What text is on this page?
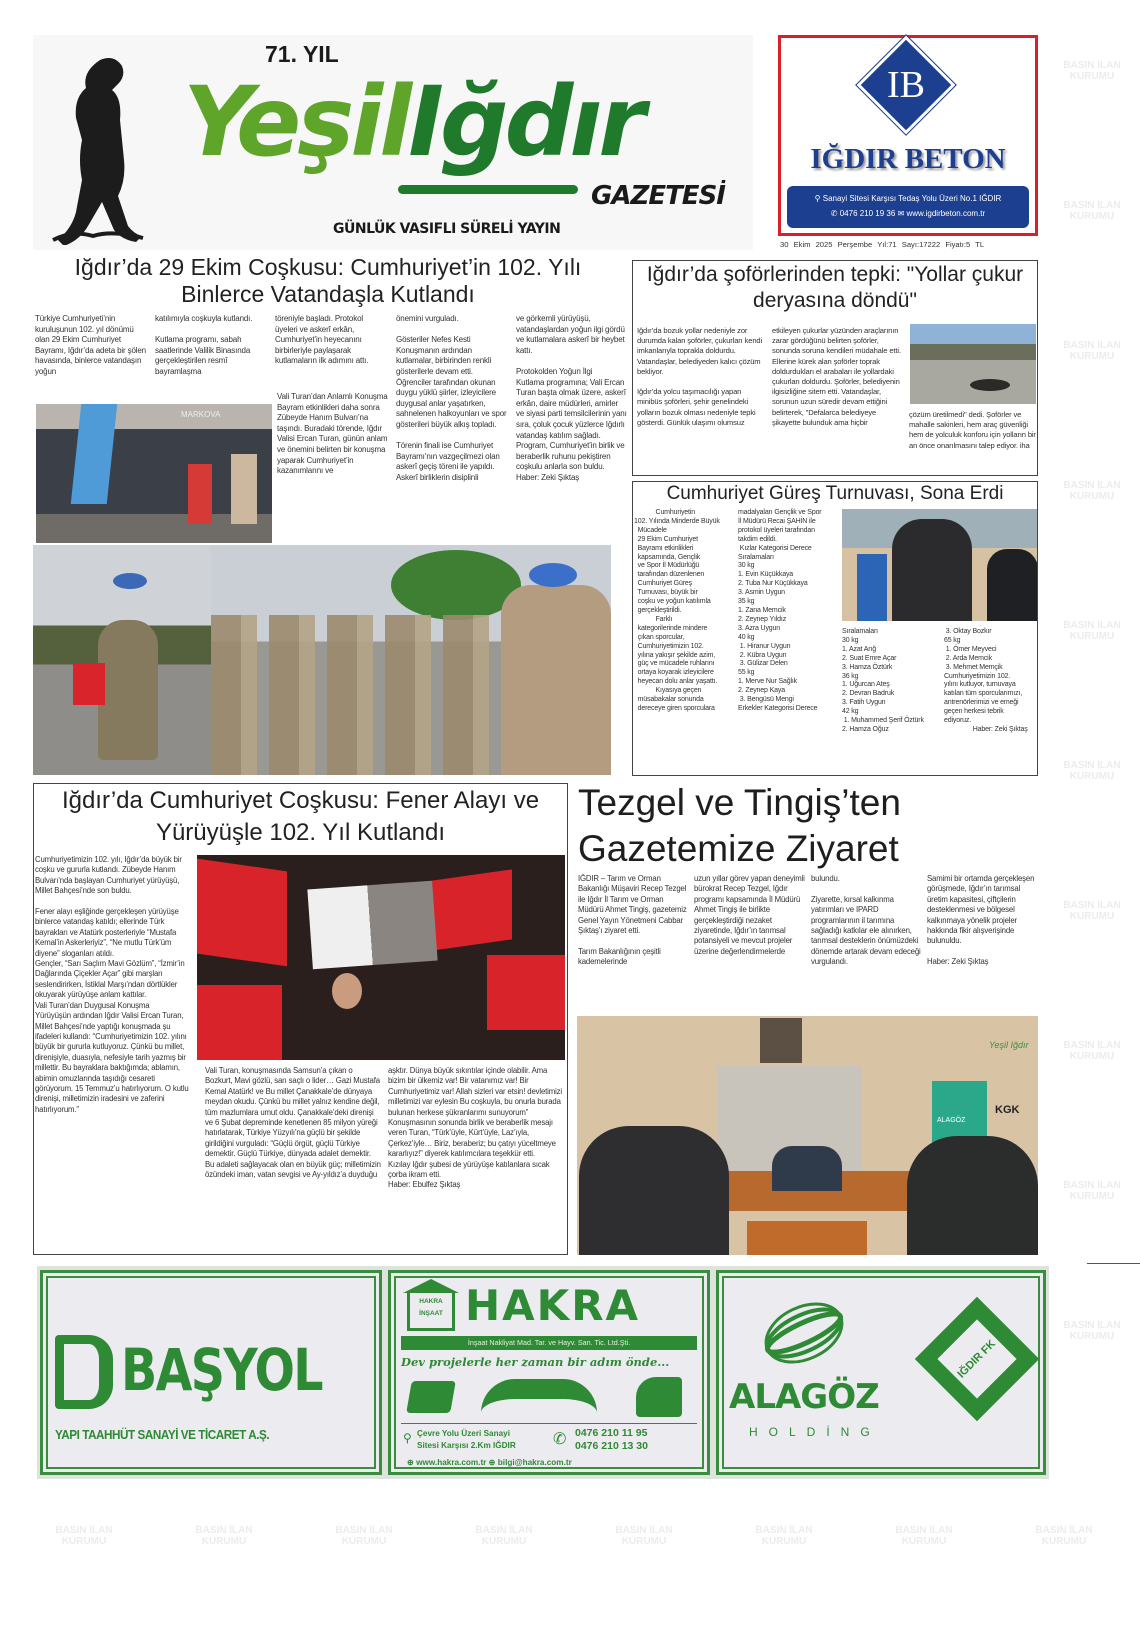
BASIN İLAN
KURUMU
BASIN İLAN
KURUMU
BASIN İLAN
KURUMU
BASIN İLAN
KURUMU
BASIN İLAN
KURUMU
BASIN İLAN
KURUMU
BASIN İLAN
KURUMU
BASIN İLAN
KURUMU
BASIN İLAN
KURUMU
BASIN İLAN
KURUMU
BASIN İLAN
KURUMU
BASIN İLAN
KURUMU
BASIN İLAN
KURUMU
BASIN İLAN
KURUMU
BASIN İLAN
KURUMU
BASIN İLAN
KURUMU
BASIN İLAN
KURUMU
BASIN İLAN
KURUMU
71. YIL
YeşilIğdır
GAZETESİ
GÜNLÜK VASIFLI SÜRELİ YAYIN
IB
IĞDIR BETON
⚲ Sanayi Sitesi Karşısı Tedaş Yolu Üzeri No.1 IĞDIR
✆ 0476 210 19 36 ✉ www.igdirbeton.com.tr
30 Ekim 2025 Perşembe Yıl:71 Sayı:17222 Fiyatı:5 TL
Iğdır’da 29 Ekim Coşkusu: Cumhuriyet’in 102. Yılı Binlerce Vatandaşla Kutlandı
Türkiye Cumhuriyeti’nin kuruluşunun 102. yıl dönümü olan 29 Ekim Cumhuriyet Bayramı, Iğdır’da adeta bir şölen havasında, binlerce vatandaşın yoğun
katılımıyla coşkuyla kutlandı.

Kutlama programı, sabah saatlerinde Valilik Binasında gerçekleştirilen resmî bayramlaşma
töreniyle başladı. Protokol üyeleri ve askerî erkân, Cumhuriyet’in heyecanını birbirleriyle paylaşarak kutlamaların ilk adımını attı.
Vali Turan’dan Anlamlı Konuşma
Bayram etkinlikleri daha sonra Zübeyde Hanım Bulvarı’na taşındı. Buradaki törende, Iğdır Valisi Ercan Turan, günün anlam ve önemini belirten bir konuşma yaparak Cumhuriyet’in kazanımlarını ve
önemini vurguladı.

Gösteriler Nefes Kesti
Konuşmanın ardından kutlamalar, birbirinden renkli gösterilerle devam etti. Öğrenciler tarafından okunan duygu yüklü şiirler, izleyicilere duygusal anlar yaşatırken, sahnelenen halkoyunları ve spor gösterileri büyük alkış topladı.

Törenin finali ise Cumhuriyet Bayramı’nın vazgeçilmezi olan askerî geçiş töreni ile yapıldı. Askerî birliklerin disiplinli
ve görkemli yürüyüşü, vatandaşlardan yoğun ilgi gördü ve kutlamalara askerî bir heybet kattı.

Protokolden Yoğun İlgi
Kutlama programına; Vali Ercan Turan başta olmak üzere, askerî erkân, daire müdürleri, amirler ve siyasi parti temsilcilerinin yanı sıra, çoluk çocuk yüzlerce Iğdırlı vatandaş katılım sağladı. Program, Cumhuriyet’in birlik ve beraberlik ruhunu pekiştiren coşkulu anlarla son buldu.
Haber: Zeki Şıktaş
MARKOVA
Iğdır’da şoförlerinden tepki: "Yollar çukur deryasına döndü"
Iğdır’da bozuk yollar nedeniyle zor durumda kalan şoförler, çukurları kendi imkanlarıyla toprakla doldurdu. Vatandaşlar, belediyeden kalıcı çözüm bekliyor.

Iğdır’da yolcu taşımacılığı yapan minibüs şoförleri, şehir genelindeki yolların bozuk olması nedeniyle tepki gösterdi. Günlük ulaşımı olumsuz
etkileyen çukurlar yüzünden araçlarının zarar gördüğünü belirten şoförler, sonunda soruna kendileri müdahale etti. Ellerine kürek alan şoförler toprak doldurdukları el arabaları ile yollardaki çukurları doldurdu. Şoförler, belediyenin ilgisizliğine sitem etti. Vatandaşlar, sorunun uzun süredir devam ettiğini belirterek, "Defalarca belediyeye şikayette bulunduk ama hiçbir
çözüm üretilmedi" dedi. Şoförler ve mahalle sakinleri, hem araç güvenliği hem de yolculuk konforu için yolların bir an önce onarılmasını talep ediyor. iha
Cumhuriyet Güreş Turnuvası, Sona Erdi
Cumhuriyetin
102. Yılında Minderde Büyük
Mücadele
29 Ekim Cumhuriyet
Bayramı etkinlikleri
kapsamında, Gençlik
ve Spor İl Müdürlüğü
tarafından düzenlenen
Cumhuriyet Güreş
Turnuvası, büyük bir
coşku ve yoğun katılımla
gerçekleştirildi.
Farklı
kategorilerinde mindere
çıkan sporcular,
Cumhuriyetimizin 102.
yılına yakışır şekilde azim,
güç ve mücadele ruhlarını
ortaya koyarak izleyicilere
heyecan dolu anlar yaşattı.
Kıyasıya geçen
müsabakalar sonunda
dereceye giren sporculara
madalyaları Gençlik ve Spor
İl Müdürü Recai ŞAHİN ile
protokol üyeleri tarafından
takdim edildi.
Kızlar Kategorisi Derece
Sıralamaları
30 kg
1. Evin Küçükkaya
2. Tuba Nur Küçükkaya
3. Asmin Uygun
35 kg
1. Zana Memcik
2. Zeynep Yıldız
3. Azra Uygun
40 kg
1. Hiranur Uygun
2. Kübra Uygun
3. Gülizar Delen
55 kg
1. Merve Nur Sağlık
2. Zeynep Kaya
3. Bengüsü Mengi
Erkekler Kategorisi Derece
Sıralamaları
30 kg
1. Azat Arığ
2. Suat Emre Açar
3. Hamza Öztürk
36 kg
1. Uğurcan Ateş
2. Devran Badruk
3. Fatih Uygun
42 kg
1. Muhammed Şerif Öztürk
2. Hamza Oğuz
3. Oktay Bozkır
65 kg
1. Ömer Meyveci
2. Arda Memcik
3. Mehmet Memçik
Cumhuriyetimizin 102.
yılını kutluyor, turnuvaya
katılan tüm sporcularımızı,
antrenörlerimizi ve emeği
geçen herkesi tebrik
ediyoruz.
Haber: Zeki Şıktaş
Iğdır’da Cumhuriyet Coşkusu: Fener Alayı ve Yürüyüşle 102. Yıl Kutlandı
Cumhuriyetimizin 102. yılı, Iğdır’da büyük bir coşku ve gururla kutlandı. Zübeyde Hanım Bulvarı’nda başlayan Cumhuriyet yürüyüşü, Millet Bahçesi’nde son buldu.

Fener alayı eşliğinde gerçekleşen yürüyüşe binlerce vatandaş katıldı; ellerinde Türk bayrakları ve Atatürk posterleriyle “Mustafa Kemal’in Askerleriyiz”, “Ne mutlu Türk’üm diyene” sloganları atıldı.
Gençler, “Sarı Saçlım Mavi Gözlüm”, “İzmir’in Dağlarında Çiçekler Açar” gibi marşları seslendirirken, İstiklal Marşı’ndan dörtlükler okuyarak yürüyüşe anlam kattılar.
Vali Turan’dan Duygusal Konuşma
Yürüyüşün ardından Iğdır Valisi Ercan Turan, Millet Bahçesi’nde yaptığı konuşmada şu ifadeleri kullandı: “Cumhuriyetimizin 102. yılını büyük bir gururla kutluyoruz. Çünkü bu millet, direnişiyle, duasıyla, nefesiyle tarih yazmış bir millettir. Bu bayraklara baktığımda; ablamın, abimin omuzlarında taşıdığı cesareti görüyorum. 15 Temmuz’u hatırlıyorum. O kutlu direnişi, milletimizin iradesini ve zaferini hatırlıyorum.”
Vali Turan, konuşmasında Samsun’a çıkan o Bozkurt, Mavi gözlü, sarı saçlı o lider… Gazi Mustafa Kemal Atatürk! ve Bu millet Çanakkale’de dünyaya meydan okudu. Çünkü bu millet yalnız kendine değil, tüm mazlumlara umut oldu. Çanakkale’deki direnişi ve 6 Şubat depreminde kenetlenen 85 milyon yüreği hatırlatarak, Türkiye Yüzyılı’na güçlü bir şekilde girildiğini vurguladı: “Güçlü örgüt, güçlü Türkiye demektir. Güçlü Türkiye, dünyada adalet demektir. Bu adaleti sağlayacak olan en büyük güç; milletimizin özündeki iman, vatan sevgisi ve Ay-yıldız’a duyduğu
aşktır. Dünya büyük sıkıntılar içinde olabilir. Ama bizim bir ülkemiz var! Bir vatanımız var! Bir Cumhuriyetimiz var! Allah sizleri var etsin! devletimizi milletimizi var eylesin Bu coşkuyla, bu onurla burada bulunan herkese şükranlarımı sunuyorum”
Konuşmasının sonunda birlik ve beraberlik mesajı veren Turan, “Türk’üyle, Kürt’üyle, Laz’ıyla, Çerkez’iyle… Biriz, beraberiz; bu çatıyı yüceltmeye kararlıyız!” diyerek katılımcılara teşekkür etti.
Kızılay Iğdır şubesi de yürüyüşe katılanlara sıcak çorba ikram etti.
Haber: Ebulfez Şıktaş
Tezgel ve Tingiş’ten Gazetemize Ziyaret
IĞDIR – Tarım ve Orman Bakanlığı Müşaviri Recep Tezgel ile Iğdır İl Tarım ve Orman Müdürü Ahmet Tingiş, gazetemiz Genel Yayın Yönetmeni Cabbar Şıktaş’ı ziyaret etti.

Tarım Bakanlığının çeşitli kademelerinde
uzun yıllar görev yapan deneyimli bürokrat Recep Tezgel, Iğdır programı kapsamında İl Müdürü Ahmet Tingiş ile birlikte gerçekleştirdiği nezaket ziyaretinde, Iğdır’ın tarımsal potansiyeli ve mevcut projeler üzerine değerlendirmelerde
bulundu.

Ziyarette, kırsal kalkınma yatırımları ve IPARD programlarının il tarımına sağladığı katkılar ele alınırken, tarımsal desteklerin önümüzdeki dönemde artarak devam edeceği vurgulandı.
Samimi bir ortamda gerçekleşen görüşmede, Iğdır’ın tarımsal üretim kapasitesi, çiftçilerin desteklenmesi ve bölgesel kalkınmaya yönelik projeler hakkında fikir alışverişinde bulunuldu.

Haber: Zeki Şıktaş
ALAGÖZ
Yeşil Iğdır
KGK
BAŞYOL
YAPI TAAHHÜT SANAYİ VE TİCARET A.Ş.
HAKRA
İNŞAAT HAKRA
İnşaat Nakliyat Mad. Tar. ve Hayv. San. Tic. Ltd.Şti.
Dev projelerle her zaman bir adım önde...
⚲ Çevre Yolu Üzeri Sanayi
Sitesi Karşısı 2.Km IĞDIR	✆ 0476 210 11 95
0476 210 13 30
⊕ www.hakra.com.tr ⊕ bilgi@hakra.com.tr
ALAGÖZ
HOLDİNG
IĞDIR FK
